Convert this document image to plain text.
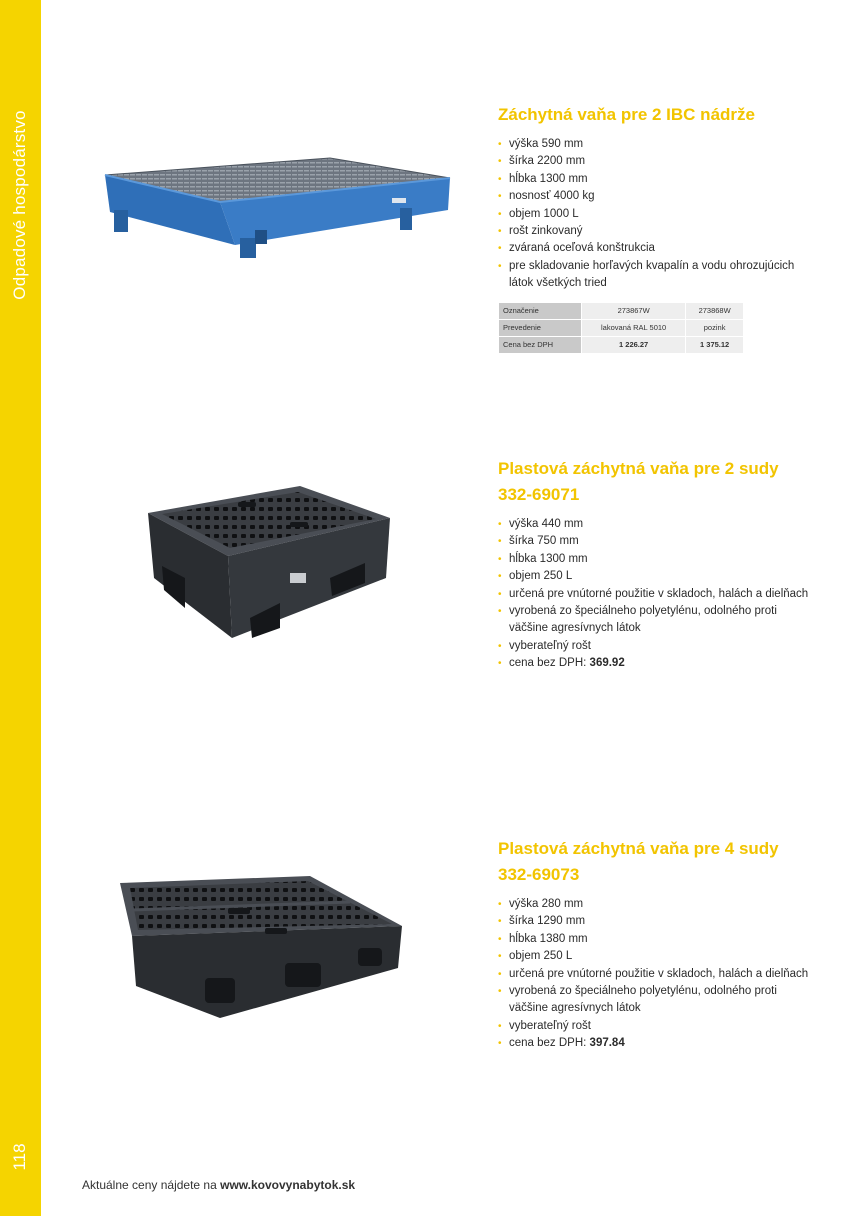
Odpadové hospodárstvo
118
Záchytná vaňa pre 2 IBC nádrže
• výška 590 mm
• šírka 2200 mm
• hĺbka 1300 mm
• nosnosť 4000 kg
• objem 1000 L
• rošt zinkovaný
• zváraná oceľová konštrukcia
• pre skladovanie horľavých kvapalín a vodu ohrozujúcich látok všetkých tried
Označenie	273867W	273868W
Prevedenie	lakovaná RAL 5010	pozink
Cena bez DPH	1 226.27	1 375.12
Plastová záchytná vaňa pre 2 sudy
332-69071
• výška 440 mm
• šírka 750 mm
• hĺbka 1300 mm
• objem 250 L
• určená pre vnútorné použitie v skladoch, halách a dielňach
• vyrobená zo špeciálneho polyetylénu, odolného proti väčšine agresívnych látok
• vyberateľný rošt
• cena bez DPH: 369.92
Plastová záchytná vaňa pre 4 sudy
332-69073
• výška 280 mm
• šírka 1290 mm
• hĺbka 1380 mm
• objem 250 L
• určená pre vnútorné použitie v skladoch, halách a dielňach
• vyrobená zo špeciálneho polyetylénu, odolného proti väčšine agresívnych látok
• vyberateľný rošt
• cena bez DPH: 397.84
Aktuálne ceny nájdete na www.kovovynabytok.sk
